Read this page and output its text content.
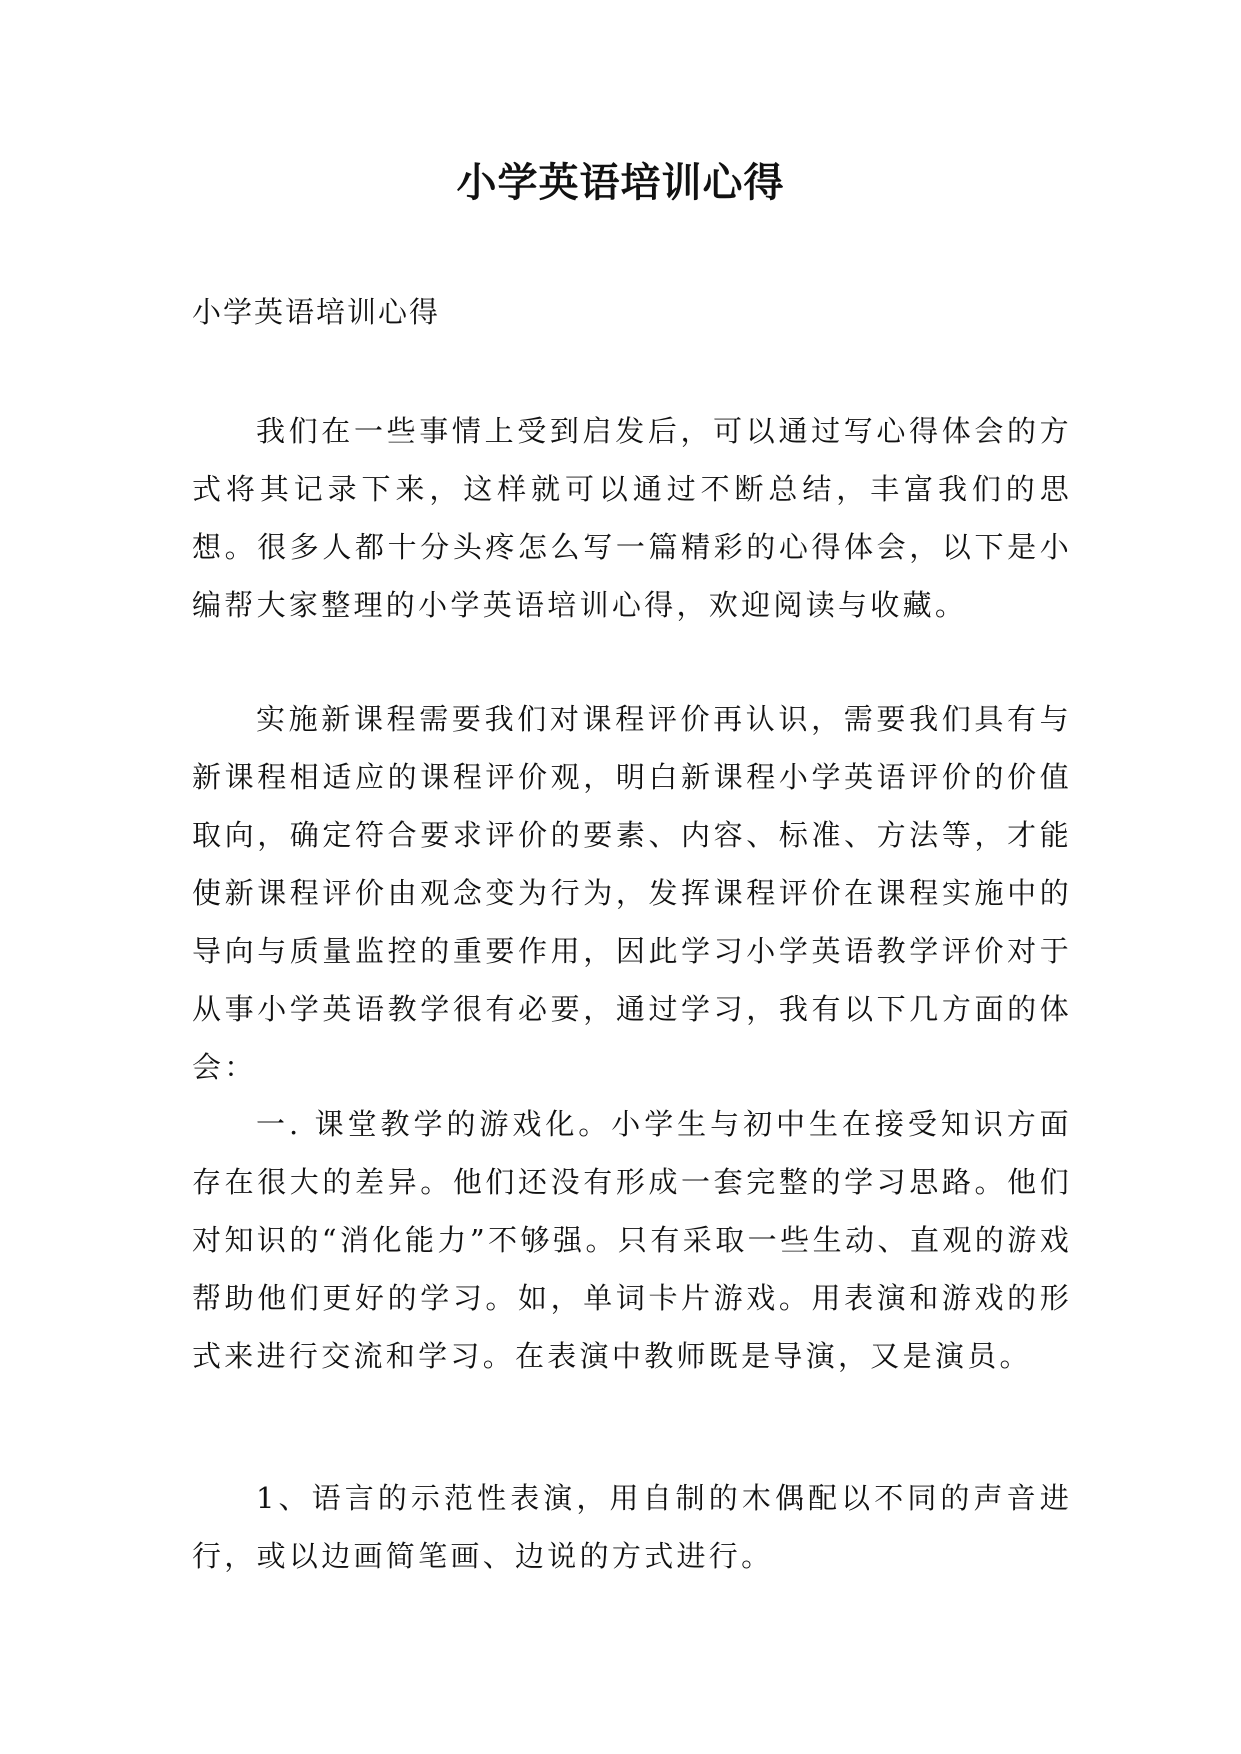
小学英语培训心得

小学英语培训心得

我们在一些事情上受到启发后，可以通过写心得体会的方式将其记录下来，这样就可以通过不断总结，丰富我们的思想。很多人都十分头疼怎么写一篇精彩的心得体会，以下是小编帮大家整理的小学英语培训心得，欢迎阅读与收藏。

实施新课程需要我们对课程评价再认识，需要我们具有与新课程相适应的课程评价观，明白新课程小学英语评价的价值取向，确定符合要求评价的要素、内容、标准、方法等，才能使新课程评价由观念变为行为，发挥课程评价在课程实施中的导向与质量监控的重要作用，因此学习小学英语教学评价对于从事小学英语教学很有必要，通过学习，我有以下几方面的体会：

一. 课堂教学的游戏化。小学生与初中生在接受知识方面存在很大的差异。他们还没有形成一套完整的学习思路。他们对知识的“消化能力”不够强。只有采取一些生动、直观的游戏帮助他们更好的学习。如，单词卡片游戏。用表演和游戏的形式来进行交流和学习。在表演中教师既是导演，又是演员。

1、语言的示范性表演，用自制的木偶配以不同的声音进行，或以边画简笔画、边说的方式进行。
